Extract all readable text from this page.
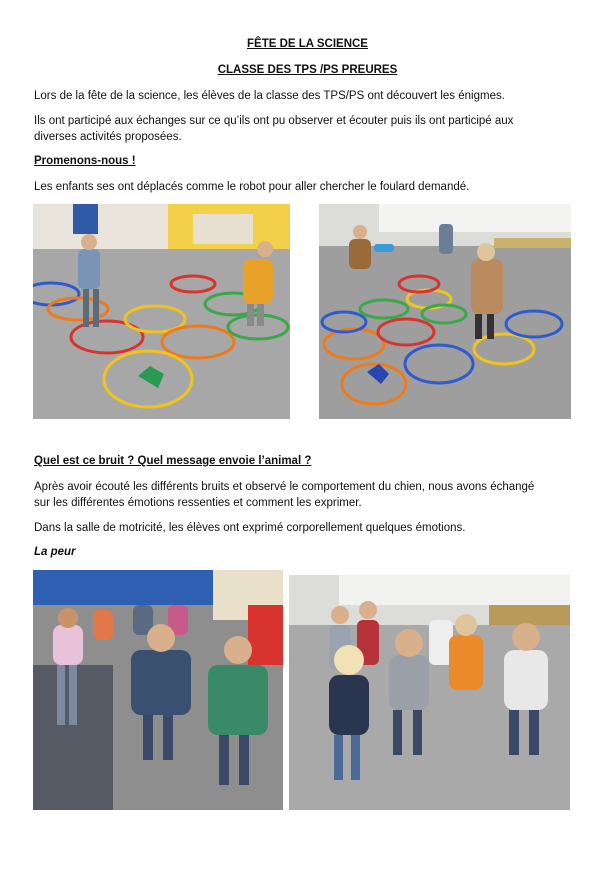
FÊTE DE LA SCIENCE
CLASSE DES TPS /PS PREURES
Lors de la fête de la science, les élèves de la classe des TPS/PS ont découvert les énigmes.
Ils ont participé aux échanges sur ce qu’ils ont pu observer et écouter puis ils ont participé aux
diverses activités proposées.
Promenons-nous !
Les enfants ses ont déplacés comme le robot pour aller chercher le foulard demandé.
Quel est ce bruit ? Quel message envoie l’animal ?
Après avoir écouté les différents bruits et observé le comportement du chien, nous avons échangé
sur les différentes émotions ressenties et comment les exprimer.
Dans la salle de motricité, les élèves ont exprimé corporellement quelques émotions.
La peur
